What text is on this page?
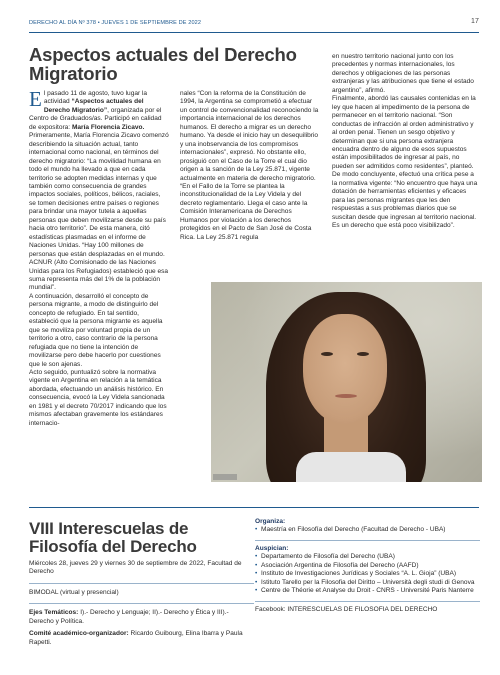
DERECHO AL DÍA Nº 378 • JUEVES 1 DE SEPTIEMBRE DE 2022	17
Aspectos actuales del Derecho Migratorio

El pasado 11 de agosto, tuvo lugar la actividad “Aspectos actuales del Derecho Migratorio”, organizada por el Centro de Graduados/as. Participó en calidad de expositora: María Florencia Zicavo.

Primeramente, María Florencia Zicavo comenzó describiendo la situación actual, tanto internacional como nacional, en términos del derecho migratorio: “La movilidad humana en todo el mundo ha llevado a que en cada territorio se adopten medidas internas y que también como consecuencia de grandes impactos sociales, políticos, bélicos, raciales, se tomen decisiones entre países o regiones para brindar una mayor tutela a aquellas personas que deben movilizarse desde su país hacia otro territorio”. De esta manera, citó estadísticas plasmadas en el informe de Naciones Unidas. “Hay 100 millones de personas que están desplazadas en el mundo. ACNUR (Alto Comisionado de las Naciones Unidas para los Refugiados) estableció que esa suma representa más del 1% de la población mundial”.

A continuación, desarrolló el concepto de persona migrante, a modo de distinguirlo del concepto de refugiado. En tal sentido, estableció que la persona migrante es aquella que se moviliza por voluntad propia de un territorio a otro, caso contrario de la persona refugiada que no tiene la intención de movilizarse pero debe hacerlo por cuestiones que le son ajenas.

Acto seguido, puntualizó sobre la normativa vigente en Argentina en relación a la temática abordada, efectuando un análisis histórico. En consecuencia, evocó la Ley Videla sancionada en 1981 y el decreto 70/2017 indicando que los mismos afectaban gravemente los estándares internacio-

nales “Con la reforma de la Constitución de 1994, la Argentina se comprometió a efectuar un control de convencionalidad reconociendo la importancia internacional de los derechos humanos. El derecho a migrar es un derecho humano. Ya desde el inicio hay un desequilibrio y una inobservancia de los compromisos internacionales”, expresó. No obstante ello, prosiguió con el Caso de la Torre el cual dio origen a la sanción de la Ley 25.871, vigente actualmente en materia de derecho migratorio. “En el Fallo de la Torre se plantea la inconstitucionalidad de la Ley Videla y del decreto reglamentario. Llega el caso ante la Comisión Interamericana de Derechos Humanos por violación a los derechos protegidos en el Pacto de San José de Costa Rica. La Ley 25.871 regula

en nuestro territorio nacional junto con los precedentes y normas internacionales, los derechos y obligaciones de las personas extranjeras y las atribuciones que tiene el estado argentino”, afirmó.

Finalmente, abordó las causales contenidas en la ley que hacen al impedimento de la persona de permanecer en el territorio nacional. “Son conductas de infracción al orden administrativo y al orden penal. Tienen un sesgo objetivo y determinan que si una persona extranjera encuadra dentro de alguno de esos supuestos están imposibilitados de ingresar al país, no pueden ser admitidos como residentes”, planteó.

De modo concluyente, efectuó una crítica pese a la normativa vigente: “No encuentro que haya una dotación de herramientas eficientes y eficaces para las personas migrantes que les den respuestas a sus problemas diarios que se suscitan desde que ingresan al territorio nacional. Es un derecho que está poco visibilizado”.

VIII Interescuelas de Filosofía del Derecho

Miércoles 28, jueves 29 y viernes 30 de septiembre de 2022, Facultad de Derecho

BIMODAL (virtual y presencial)

Ejes Temáticos: I).- Derecho y Lenguaje; II).- Derecho y Ética y III).- Derecho y Política.

Comité académico-organizador: Ricardo Guibourg, Elina Ibarra y Paula Rapetti.

Organiza:
• Maestría en Filosofía del Derecho (Facultad de Derecho - UBA)
Auspician:
• Departamento de Filosofía del Derecho (UBA)
• Asociación Argentina de Filosofía del Derecho (AAFD)
• Instituto de Investigaciones Jurídicas y Sociales “A. L. Gioja” (UBA)
• Istituto Tarello per la Filosofia del Diritto – Università degli studi di Genova
• Centre de Théorie et Analyse du Droit - CNRS - Université Paris Nanterre
Facebook: INTERESCUELAS DE FILOSOFIA DEL DERECHO
